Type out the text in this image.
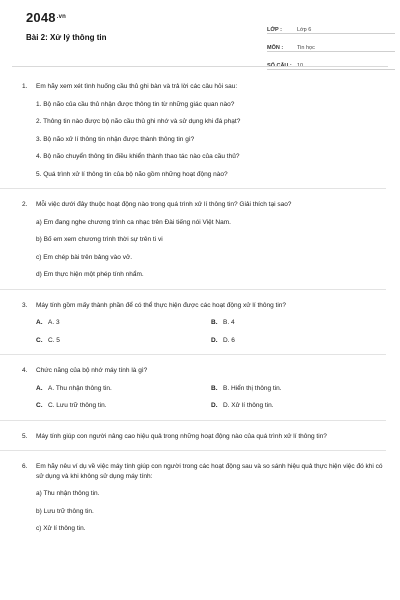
$2048^{.vn}$
Bài 2: Xử lý thông tin
LỚP :	Lớp 6
MÔN :	Tin học
SỐ CÂU : 10
1. Em hãy xem xét tình huống cầu thủ ghi bàn và trả lời các câu hỏi sau:
1. Bộ não của cầu thủ nhận được thông tin từ những giác quan nào?
2. Thông tin nào được bộ não cầu thủ ghi nhớ và sử dụng khi đá phạt?
3. Bộ não xử lí thông tin nhận được thành thông tin gì?
4. Bộ não chuyển thông tin điều khiển thành thao tác nào của cầu thủ?
5. Quá trình xử lí thông tin của bộ não gồm những hoạt động nào?
2. Mỗi việc dưới đây thuộc hoạt động nào trong quá trình xử lí thông tin? Giải thích tại sao?
a) Em đang nghe chương trình ca nhạc trên Đài tiếng nói Việt Nam.
b) Bố em xem chương trình thời sự trên ti vi
c) Em chép bài trên bảng vào vở.
d) Em thực hiện một phép tính nhẩm.
3. Máy tính gồm mấy thành phần để có thể thực hiện được các hoạt động xử lí thông tin?
A. A. 3	B. B. 4
C. C. 5	D. D. 6
4. Chức năng của bộ nhớ máy tính là gì?
A. A. Thu nhận thông tin.	B. B. Hiển thị thông tin.
C. C. Lưu trữ thông tin.	D. D. Xử lí thông tin.
5. Máy tính giúp con người nâng cao hiệu quả trong những hoạt động nào của quá trình xử lí thông tin?
6. Em hãy nêu ví dụ về việc máy tính giúp con người trong các hoạt động sau và so sánh hiệu quả thực hiện việc đó khi có sử dụng và khi không sử dụng máy tính:
a) Thu nhận thông tin.
b) Lưu trữ thông tin.
c) Xử lí thông tin.
